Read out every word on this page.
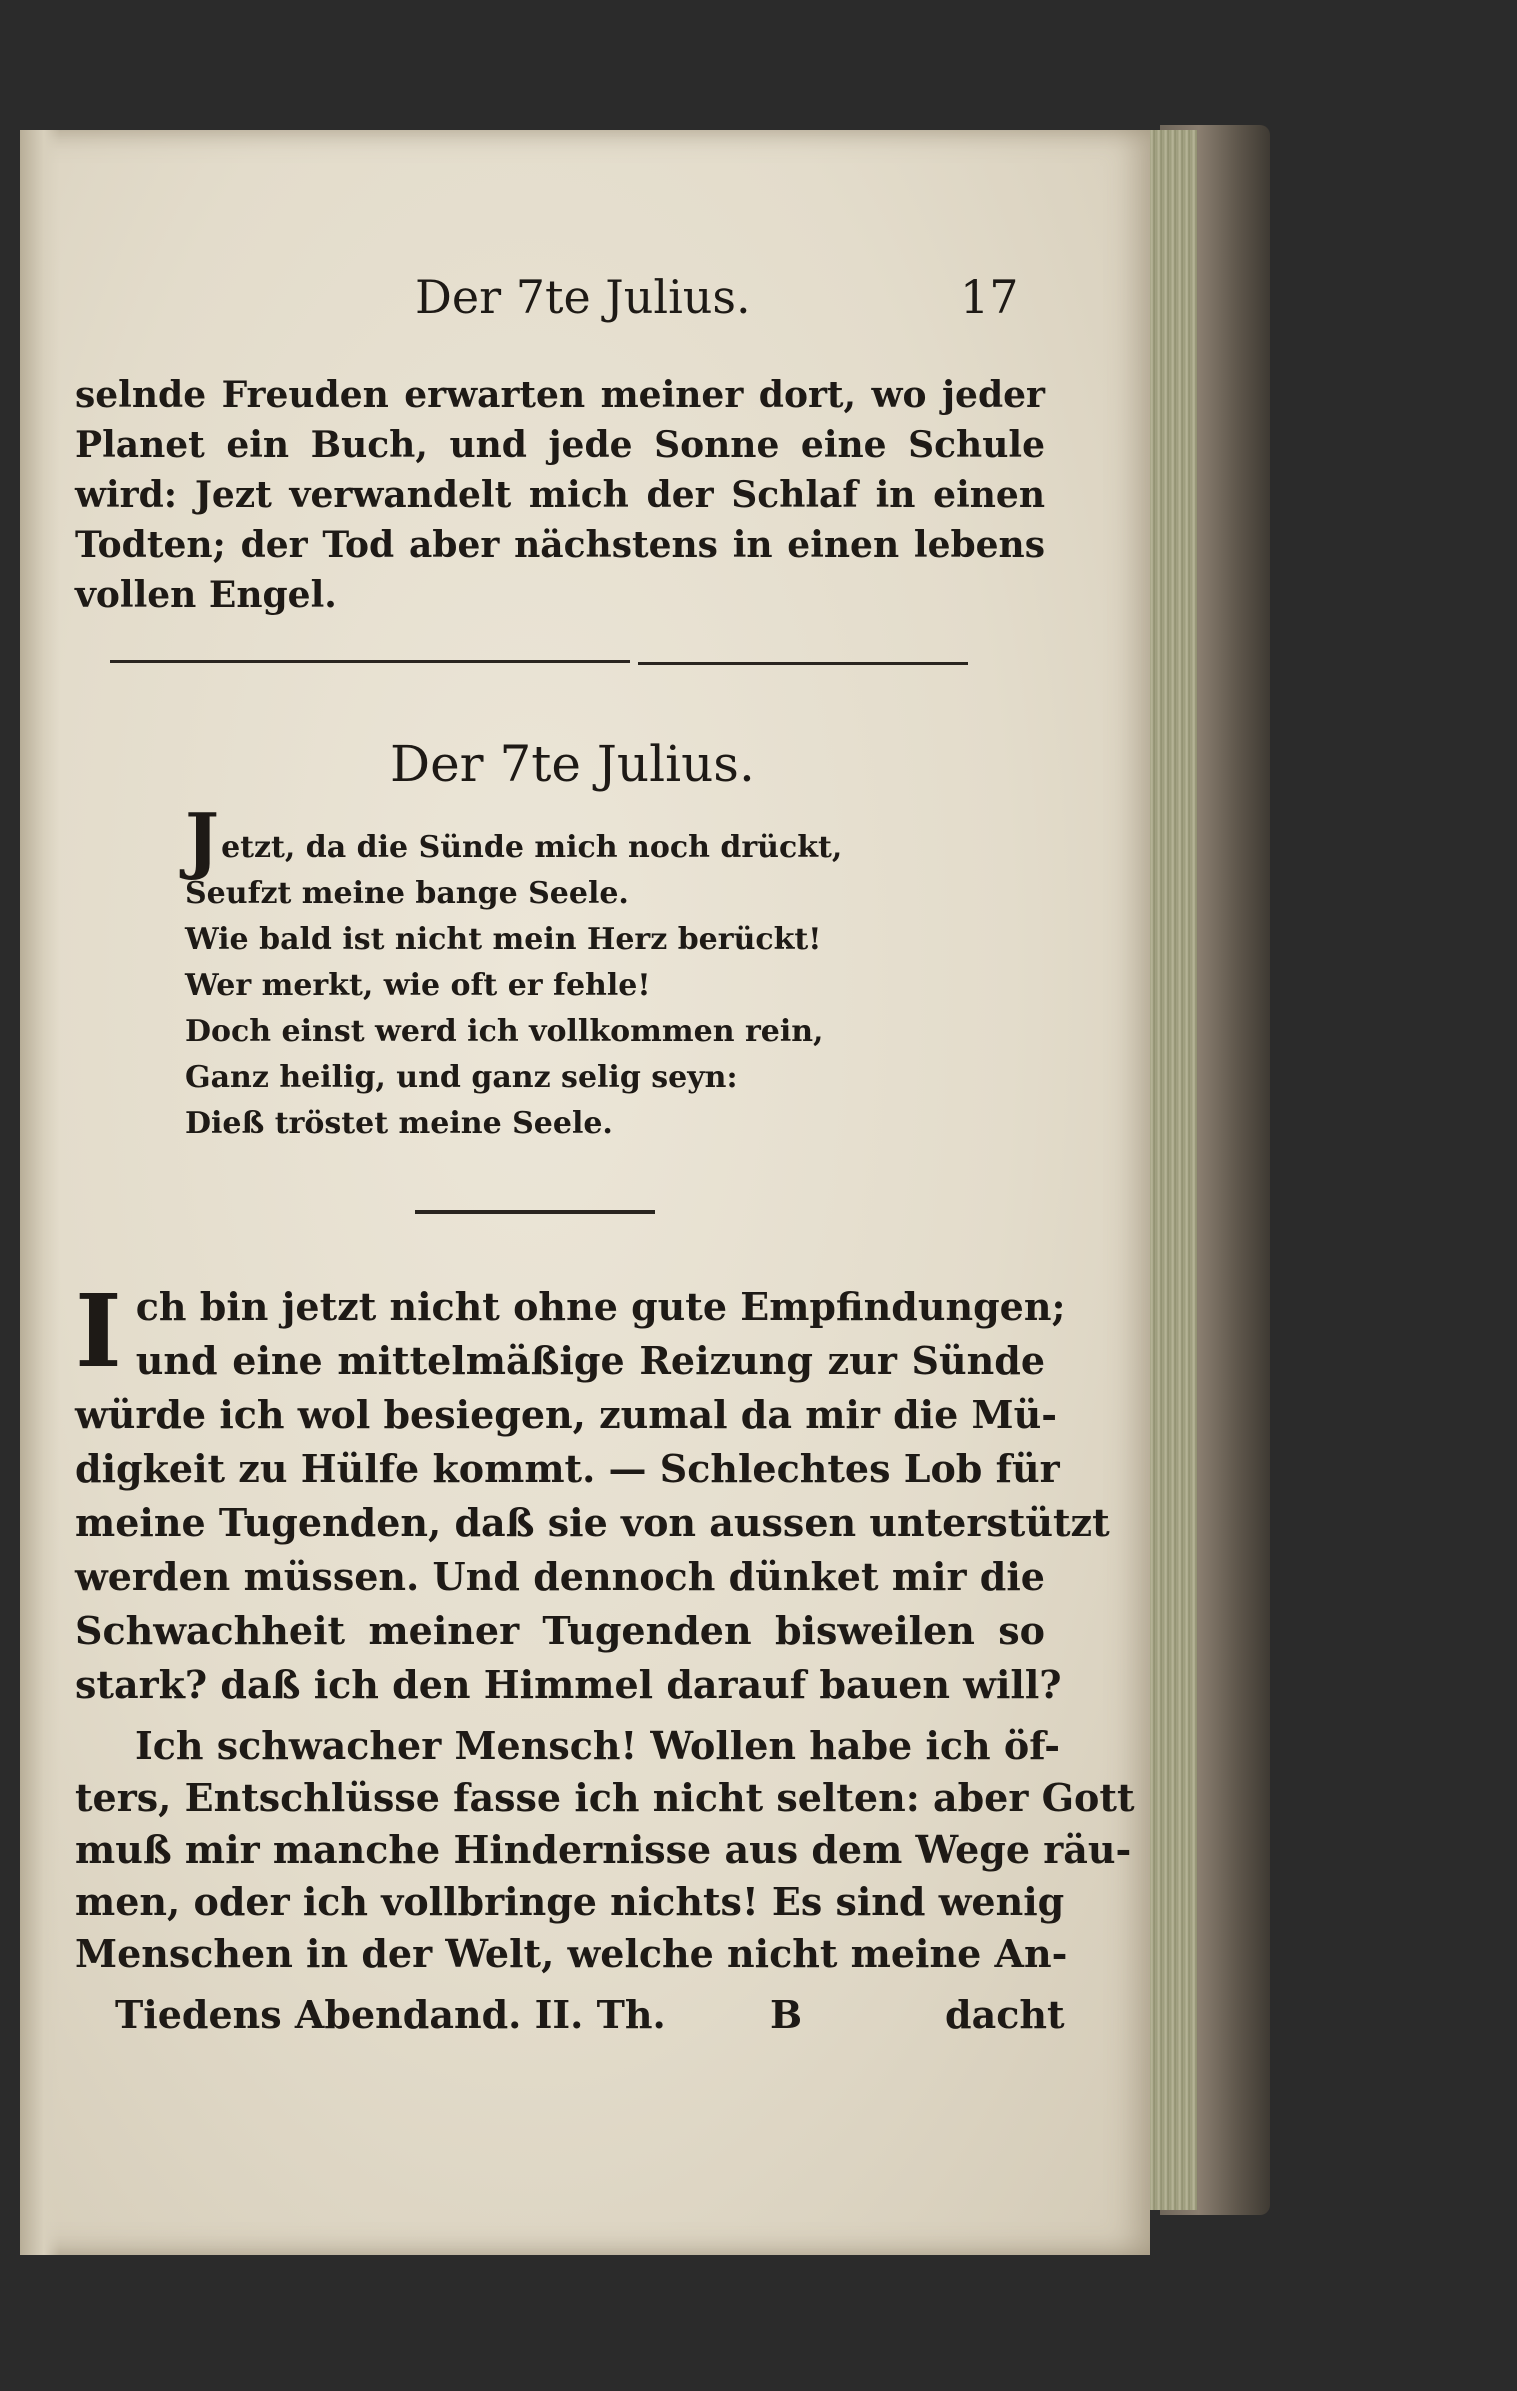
Der 7te Julius.	17
selnde Freuden erwarten meiner dort, wo jeder
Planet ein Buch, und jede Sonne eine Schule
wird: Jezt verwandelt mich der Schlaf in einen
Todten; der Tod aber nächstens in einen lebens
vollen Engel.
Der 7te Julius.
Jetzt, da die Sünde mich noch drückt,
Seufzt meine bange Seele.
Wie bald ist nicht mein Herz berückt!
Wer merkt, wie oft er fehle!
Doch einst werd ich vollkommen rein,
Ganz heilig, und ganz selig seyn:
Dieß tröstet meine Seele.
I ch bin jetzt nicht ohne gute Empfindungen;
und eine mittelmäßige Reizung zur Sünde
würde ich wol besiegen, zumal da mir die Mü-
digkeit zu Hülfe kommt. — Schlechtes Lob für
meine Tugenden, daß sie von aussen unterstützt
werden müssen. Und dennoch dünket mir die
Schwachheit meiner Tugenden bisweilen so
stark? daß ich den Himmel darauf bauen will?
Ich schwacher Mensch! Wollen habe ich öf-
ters, Entschlüsse fasse ich nicht selten: aber Gott
muß mir manche Hindernisse aus dem Wege räu-
men, oder ich vollbringe nichts! Es sind wenig
Menschen in der Welt, welche nicht meine An-
Tiedens Abendand. II. Th.	B	dacht
